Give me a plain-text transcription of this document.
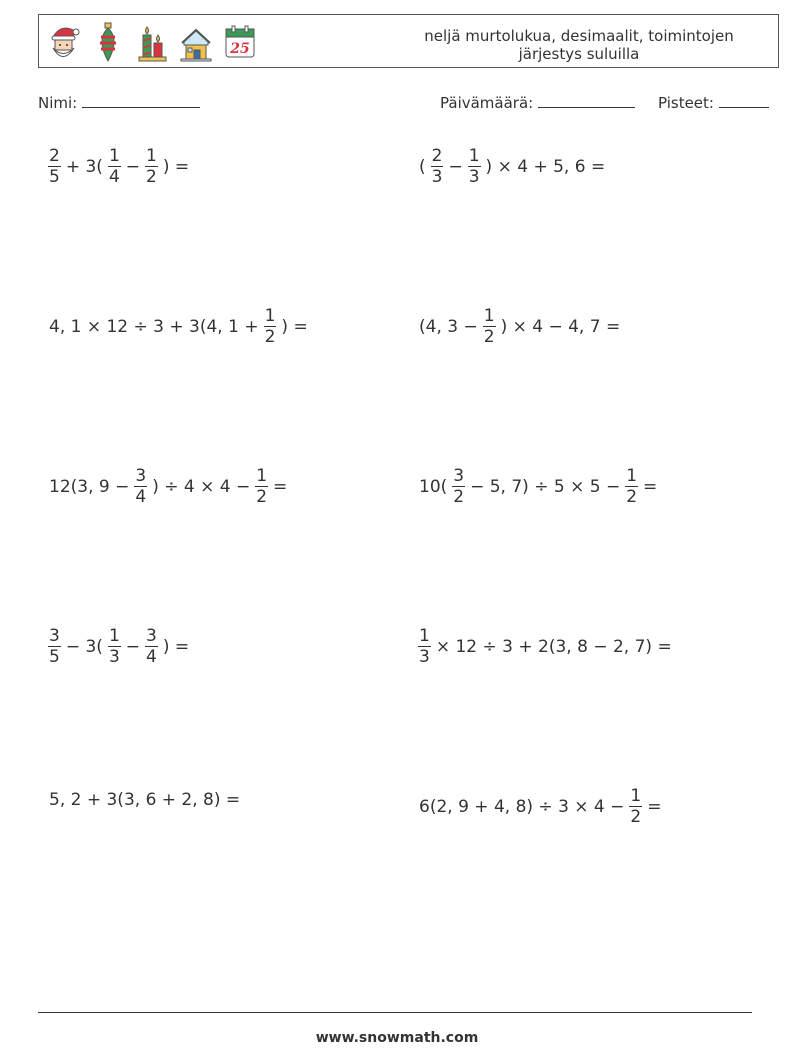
25
neljä murtolukua, desimaalit, toimintojen
järjestys suluilla
Nimi:	Päivämäärä:	Pisteet:
$\frac{2}{5} + 3( \frac{1}{4} - \frac{1}{2}$ ) =	( $\frac{2}{3} - \frac{1}{3}$ ) × 4 + 5, 6 =
4, 1 × 12 ÷ 3 + 3(4, $1 + \frac{1}{2}$ ) =	(4, $3 - \frac{1}{2}$ ) × 4 − 4, 7 =
12(3, $9 - \frac{3}{4}$ ) ÷ $4 \times 4 - \frac{1}{2}$ =	$10( \frac{3}{2} - 5$, $7) \div 5 \times 5 - \frac{1}{2}$ =
$\frac{3}{5} - 3( \frac{1}{3} - \frac{3}{4}$ ) =	$\frac{1}{3} \times 12 \div 3 + 2(3$, 8 − 2, 7) =
5, 2 + 3(3, 6 + 2, 8) =	6(2, 9 + 4, $8) \div 3 \times 4 - \frac{1}{2}$ =
www.snowmath.com
